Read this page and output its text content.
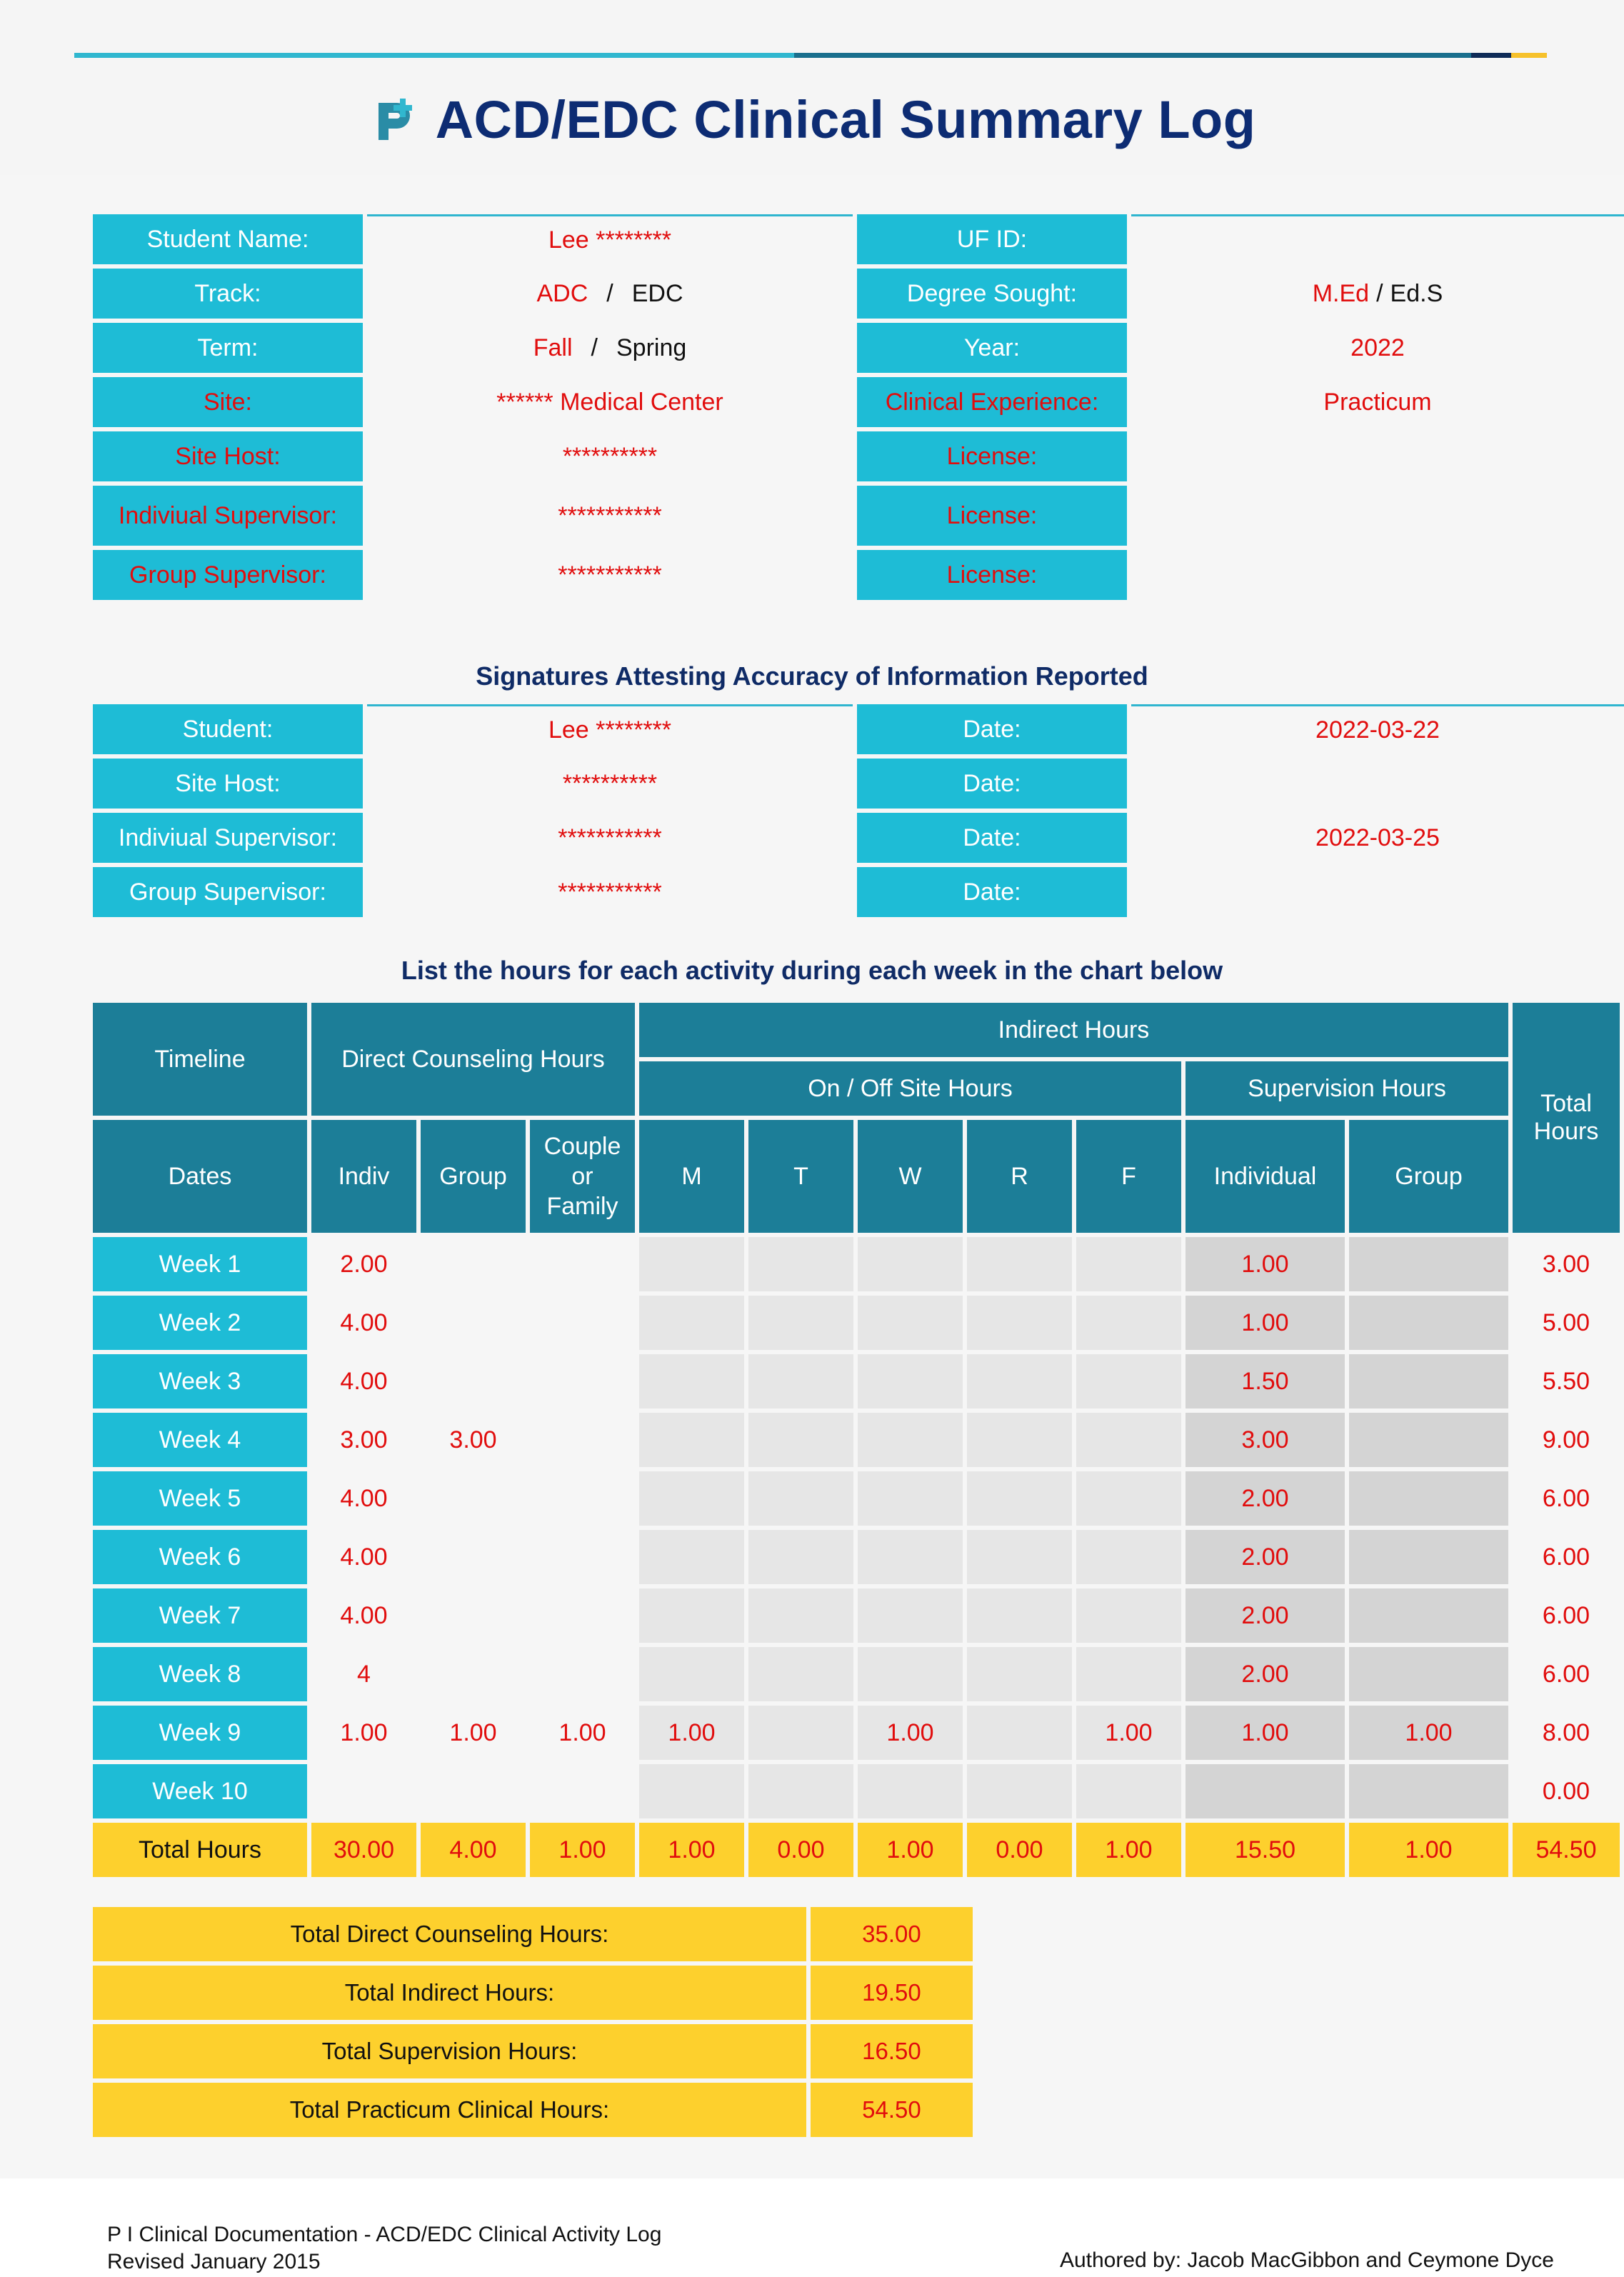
ACD/EDC Clinical Summary Log
Student Name:		Lee ********		UF ID:		
Track:		ADC / EDC		Degree Sought:		M.Ed / Ed.S
Term:		Fall / Spring		Year:		2022
Site:		****** Medical Center		Clinical Experience:		Practicum
Site Host:		**********		License:		
Indiviual Supervisor:		***********		License:		
Group Supervisor:		***********		License:		
Signatures Attesting Accuracy of Information Reported
Student:		Lee ********		Date:		2022-03-22
Site Host:		**********		Date:		
Indiviual Supervisor:		***********		Date:		2022-03-25
Group Supervisor:		***********		Date:		
List the hours for each activity during each week in the chart below
Timeline	Direct Counseling Hours			Indirect Hours							Total Hours
				On / Off Site Hours					Supervision Hours		
Dates	Indiv	Group	Couple or Family	M	T	W	R	F	Individual	Group	
Week 1	2.00								1.00		3.00
Week 2	4.00								1.00		5.00
Week 3	4.00								1.50		5.50
Week 4	3.00	3.00							3.00		9.00
Week 5	4.00								2.00		6.00
Week 6	4.00								2.00		6.00
Week 7	4.00								2.00		6.00
Week 8	4								2.00		6.00
Week 9	1.00	1.00	1.00	1.00		1.00		1.00	1.00	1.00	8.00
Week 10											0.00
Total Hours	30.00	4.00	1.00	1.00	0.00	1.00	0.00	1.00	15.50	1.00	54.50
Total Direct Counseling Hours:	35.00
Total Indirect Hours:	19.50
Total Supervision Hours:	16.50
Total Practicum Clinical Hours:	54.50
P I Clinical Documentation - ACD/EDC Clinical Activity Log
Revised January 2015	Authored by: Jacob MacGibbon and Ceymone Dyce
